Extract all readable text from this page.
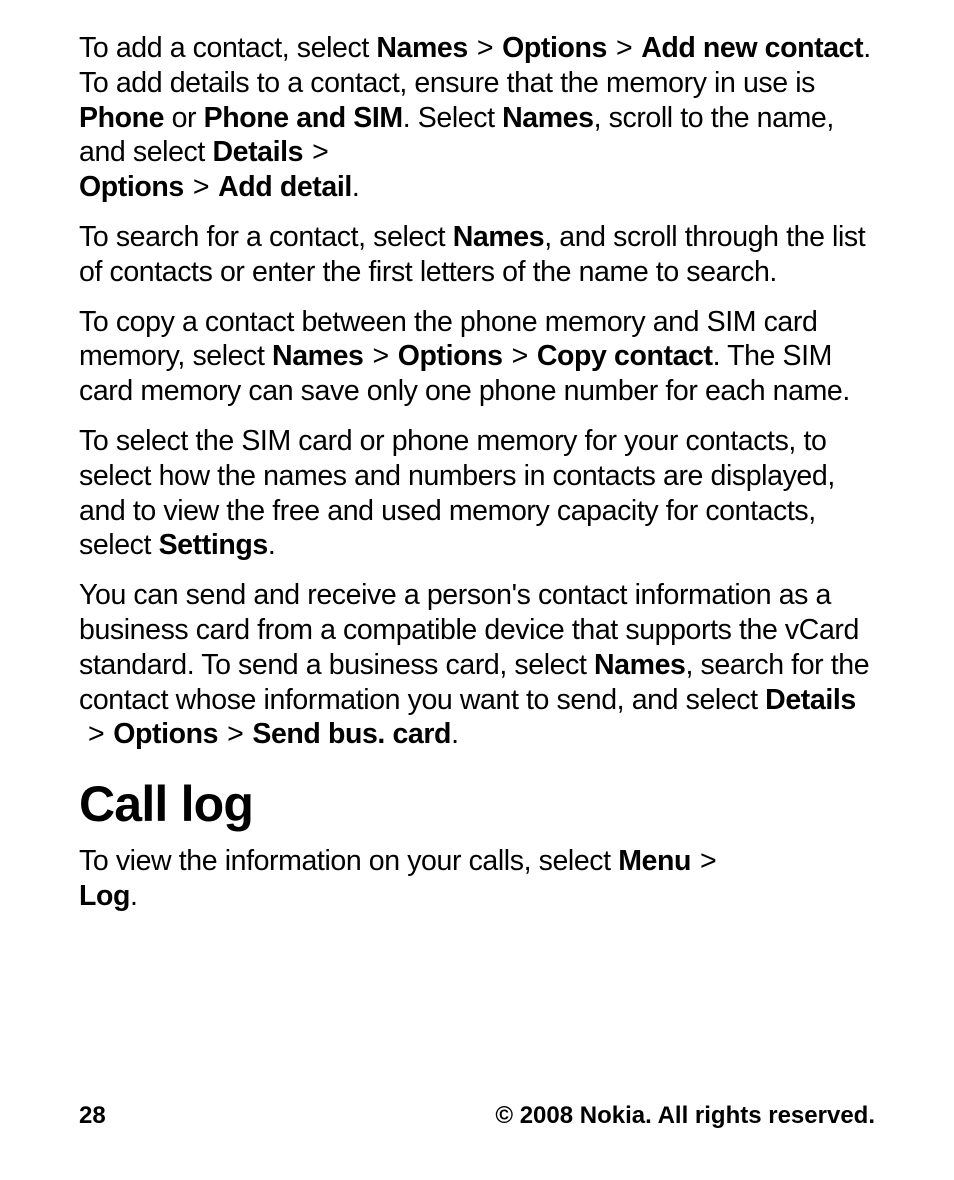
To add a contact, select Names > Options > Add new contact. To add details to a contact, ensure that the memory in use is Phone or Phone and SIM. Select Names, scroll to the name, and select Details >
Options > Add detail.

To search for a contact, select Names, and scroll through the list of contacts or enter the first letters of the name to search.

To copy a contact between the phone memory and SIM card memory, select Names > Options > Copy contact. The SIM card memory can save only one phone number for each name.

To select the SIM card or phone memory for your contacts, to select how the names and numbers in contacts are displayed, and to view the free and used memory capacity for contacts, select Settings.

You can send and receive a person's contact information as a business card from a compatible device that supports the vCard standard. To send a business card, select Names, search for the contact whose information you want to send, and select Details> Options > Send bus. card.

Call log

To view the information on your calls, select Menu >
Log.

28	© 2008 Nokia. All rights reserved.
